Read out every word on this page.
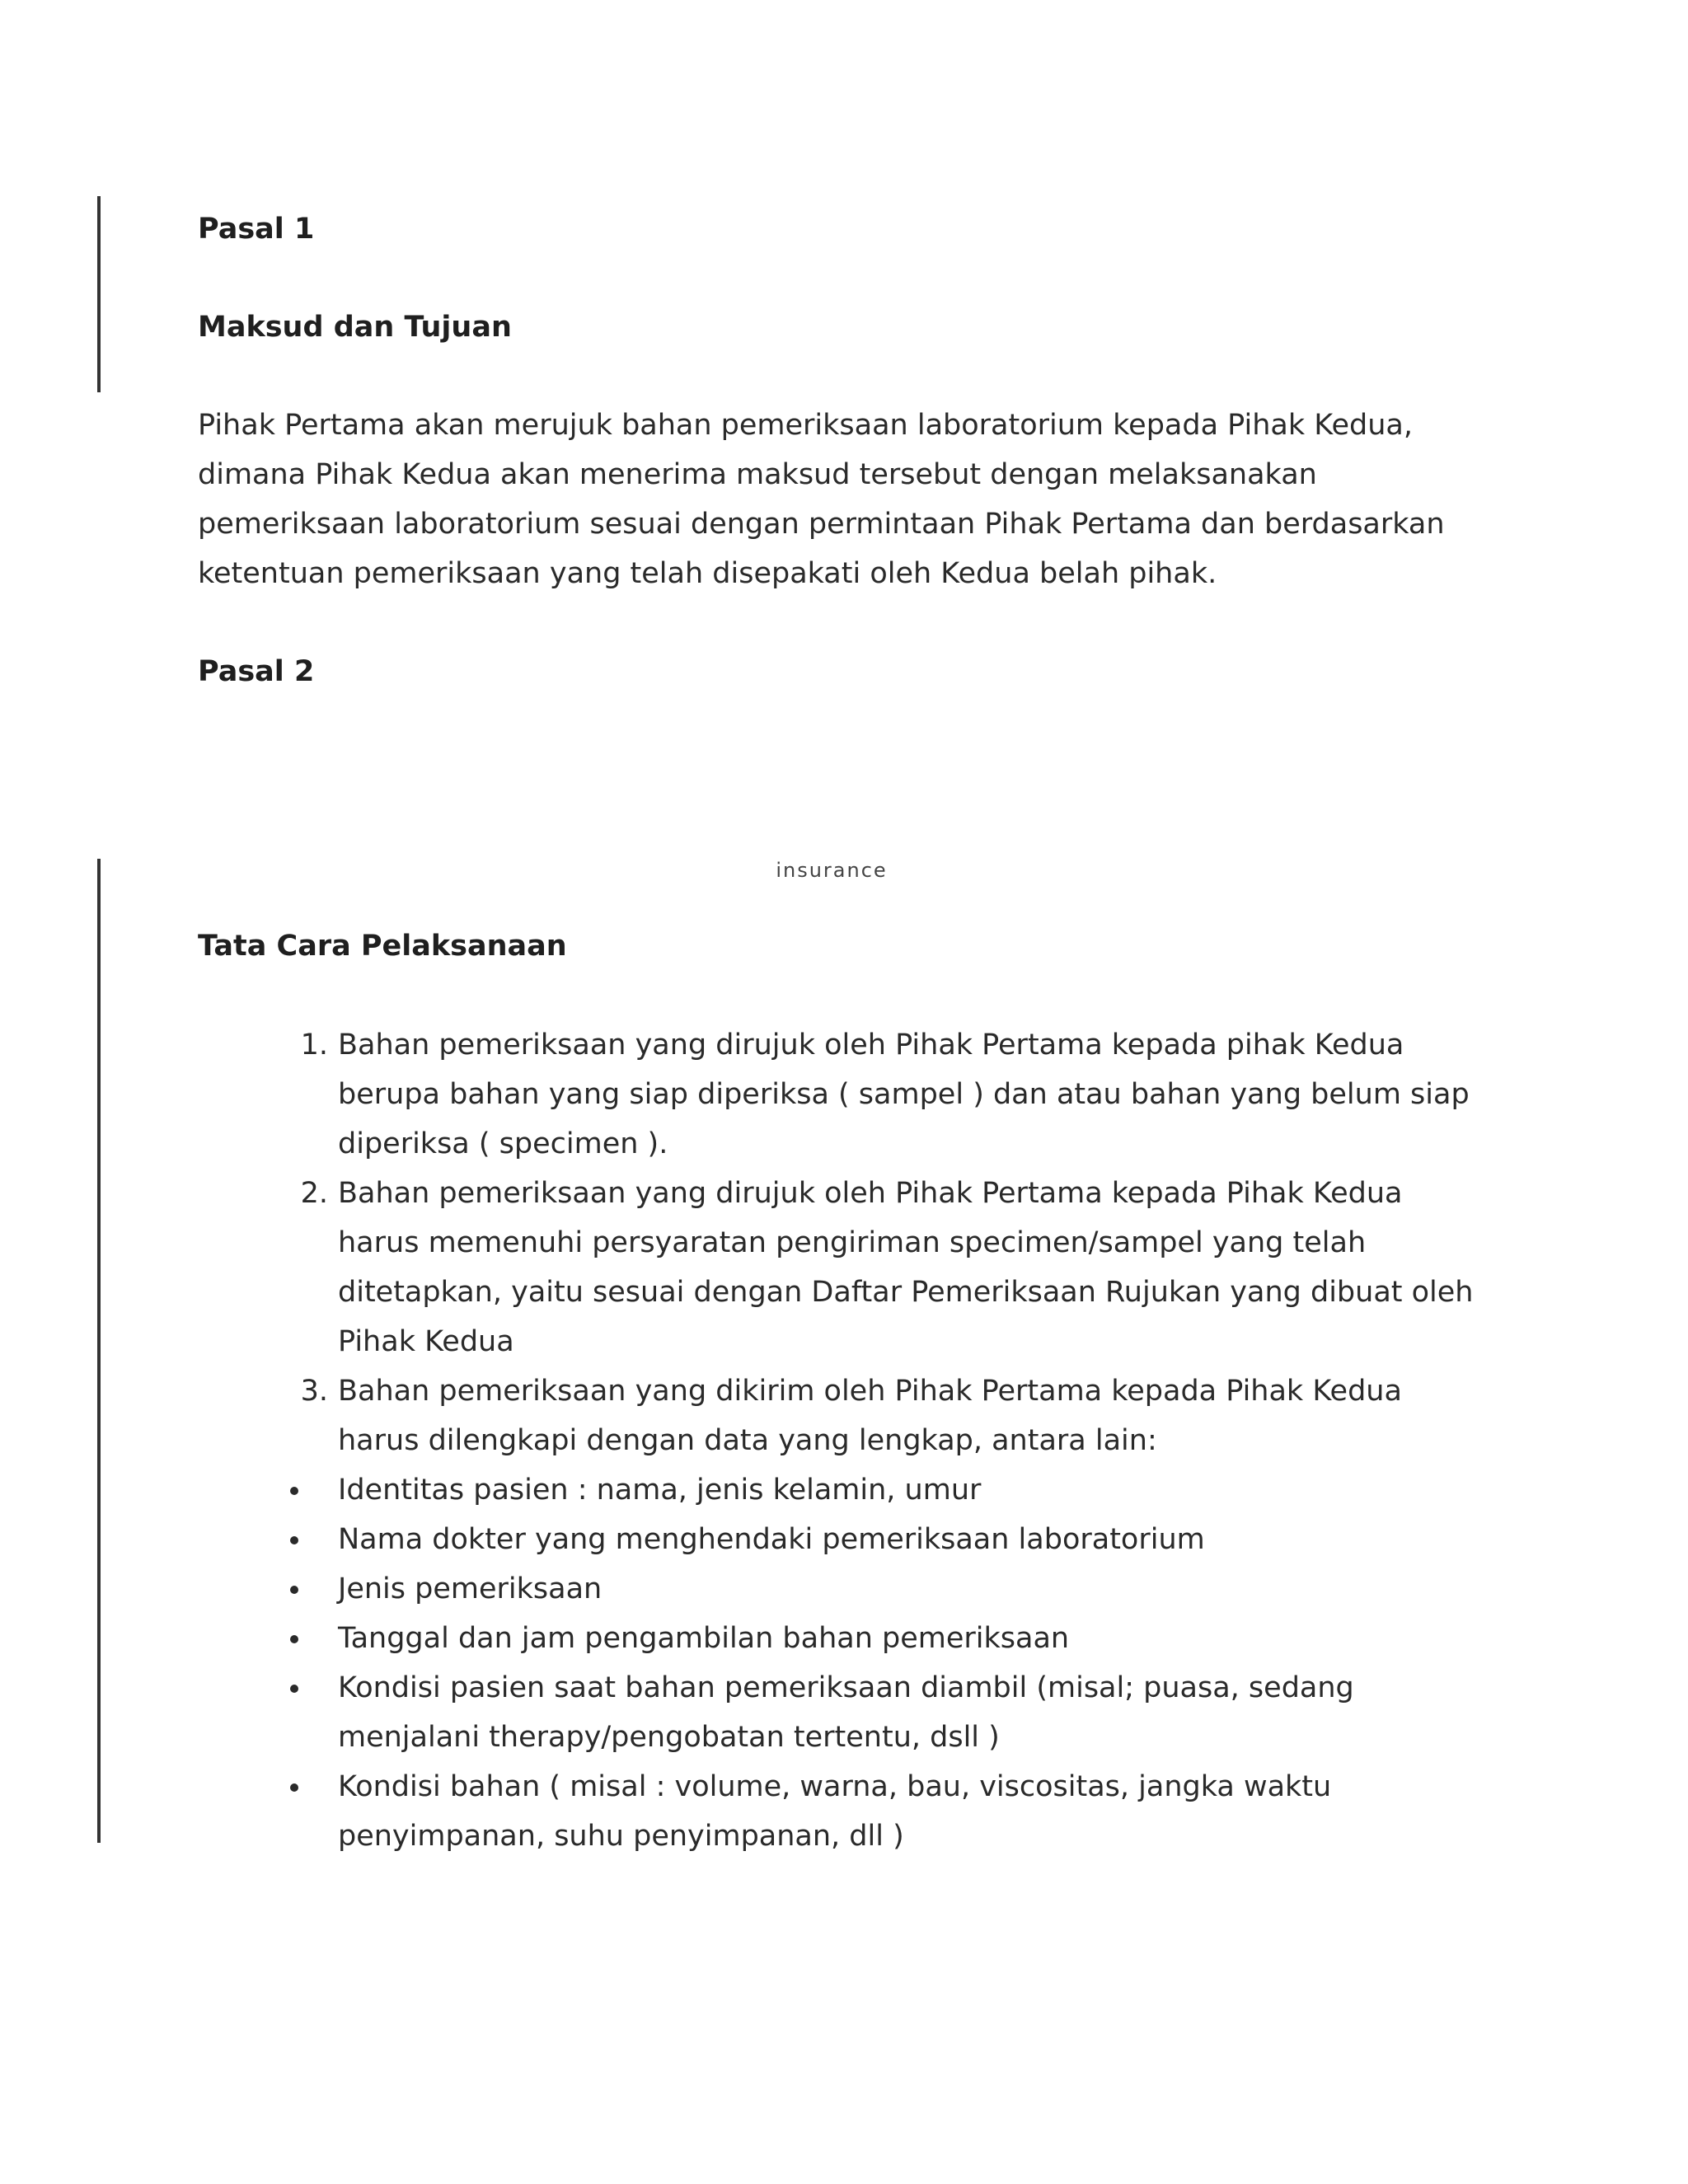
Pasal 1

Maksud dan Tujuan

Pihak Pertama akan merujuk bahan pemeriksaan laboratorium kepada Pihak Kedua,

dimana Pihak Kedua akan menerima maksud tersebut dengan melaksanakan

pemeriksaan laboratorium sesuai dengan permintaan Pihak Pertama dan berdasarkan

ketentuan pemeriksaan yang telah disepakati oleh Kedua belah pihak.

Pasal 2

insurance

Tata Cara Pelaksanaan

1. Bahan pemeriksaan yang dirujuk oleh Pihak Pertama kepada pihak Kedua
berupa bahan yang siap diperiksa ( sampel ) dan atau bahan yang belum siap
diperiksa ( specimen ).
2. Bahan pemeriksaan yang dirujuk oleh Pihak Pertama kepada Pihak Kedua
harus memenuhi persyaratan pengiriman specimen/sampel yang telah
ditetapkan, yaitu sesuai dengan Daftar Pemeriksaan Rujukan yang dibuat oleh
Pihak Kedua
3. Bahan pemeriksaan yang dikirim oleh Pihak Pertama kepada Pihak Kedua
harus dilengkapi dengan data yang lengkap, antara lain:
Identitas pasien : nama, jenis kelamin, umur
Nama dokter yang menghendaki pemeriksaan laboratorium
Jenis pemeriksaan
Tanggal dan jam pengambilan bahan pemeriksaan
Kondisi pasien saat bahan pemeriksaan diambil (misal; puasa, sedang
menjalani therapy/pengobatan tertentu, dsll )
Kondisi bahan ( misal : volume, warna, bau, viscositas, jangka waktu
penyimpanan, suhu penyimpanan, dll )
